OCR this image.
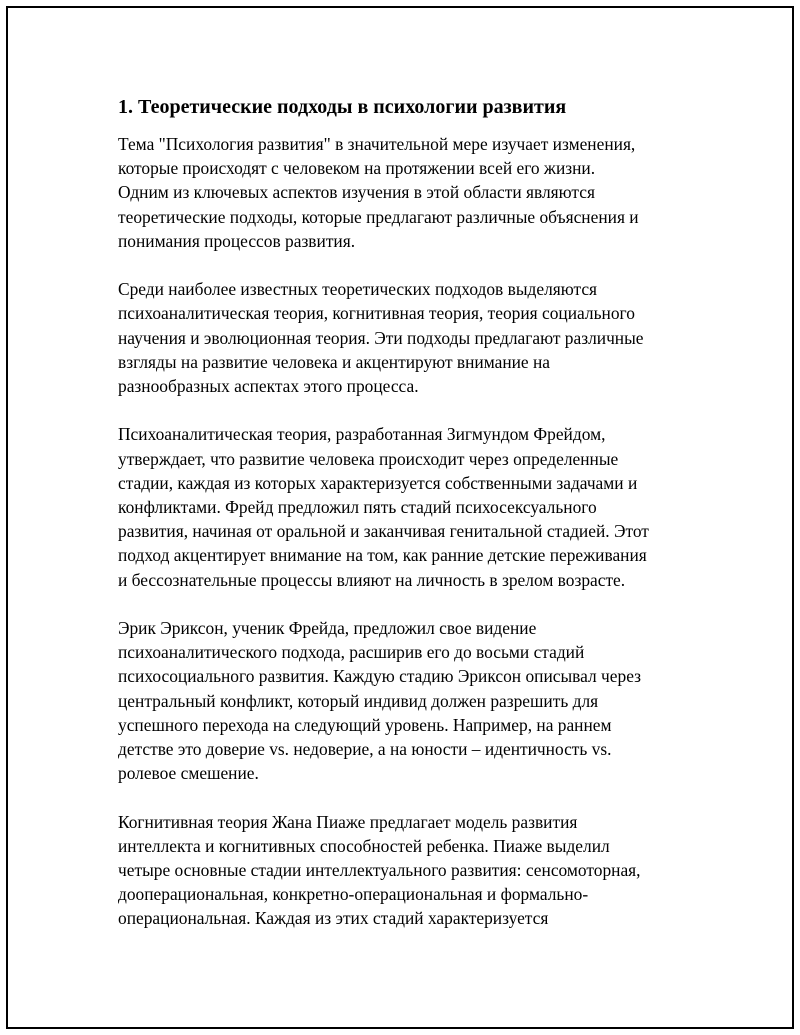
1. Теоретические подходы в психологии развития

Тема "Психология развития" в значительной мере изучает изменения,
которые происходят с человеком на протяжении всей его жизни.
Одним из ключевых аспектов изучения в этой области являются
теоретические подходы, которые предлагают различные объяснения и
понимания процессов развития.

Среди наиболее известных теоретических подходов выделяются
психоаналитическая теория, когнитивная теория, теория социального
научения и эволюционная теория. Эти подходы предлагают различные
взгляды на развитие человека и акцентируют внимание на
разнообразных аспектах этого процесса.

Психоаналитическая теория, разработанная Зигмундом Фрейдом,
утверждает, что развитие человека происходит через определенные
стадии, каждая из которых характеризуется собственными задачами и
конфликтами. Фрейд предложил пять стадий психосексуального
развития, начиная от оральной и заканчивая генитальной стадией. Этот
подход акцентирует внимание на том, как ранние детские переживания
и бессознательные процессы влияют на личность в зрелом возрасте.

Эрик Эриксон, ученик Фрейда, предложил свое видение
психоаналитического подхода, расширив его до восьми стадий
психосоциального развития. Каждую стадию Эриксон описывал через
центральный конфликт, который индивид должен разрешить для
успешного перехода на следующий уровень. Например, на раннем
детстве это доверие vs. недоверие, а на юности – идентичность vs.
ролевое смешение.

Когнитивная теория Жана Пиаже предлагает модель развития
интеллекта и когнитивных способностей ребенка. Пиаже выделил
четыре основные стадии интеллектуального развития: сенсомоторная,
дооперациональная, конкретно-операциональная и формально-
операциональная. Каждая из этих стадий характеризуется
